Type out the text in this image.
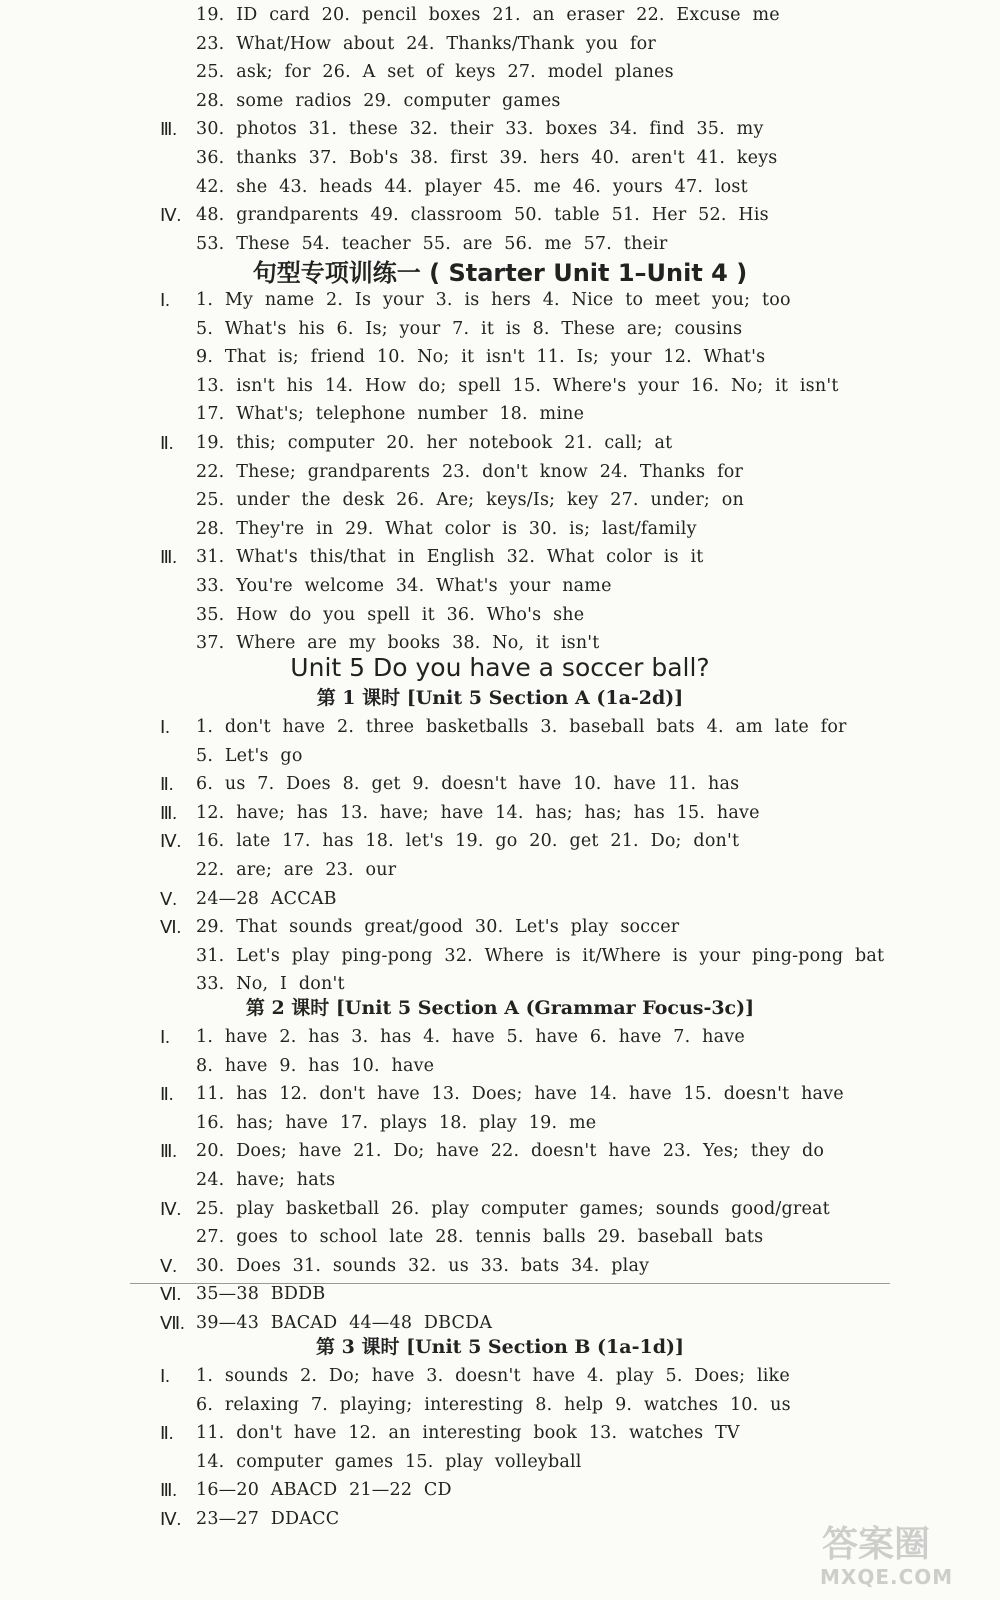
19. ID card 20. pencil boxes 21. an eraser 22. Excuse me
23. What/How about 24. Thanks/Thank you for
25. ask; for 26. A set of keys 27. model planes
28. some radios 29. computer games
Ⅲ.	30. photos 31. these 32. their 33. boxes 34. find 35. my
36. thanks 37. Bob's 38. first 39. hers 40. aren't 41. keys
42. she 43. heads 44. player 45. me 46. yours 47. lost
Ⅳ. 48. grandparents 49. classroom 50. table 51. Her 52. His
53. These 54. teacher 55. are 56. me 57. their
句型专项训练一 ( Starter Unit 1–Unit 4 )
Ⅰ.	1. My name 2. Is your 3. is hers 4. Nice to meet you; too
5. What's his 6. Is; your 7. it is 8. These are; cousins
9. That is; friend 10. No; it isn't 11. Is; your 12. What's
13. isn't his 14. How do; spell 15. Where's your 16. No; it isn't
17. What's; telephone number 18. mine
Ⅱ.	19. this; computer 20. her notebook 21. call; at
22. These; grandparents 23. don't know 24. Thanks for
25. under the desk 26. Are; keys/Is; key 27. under; on
28. They're in 29. What color is 30. is; last/family
Ⅲ.	31. What's this/that in English 32. What color is it
33. You're welcome 34. What's your name
35. How do you spell it 36. Who's she
37. Where are my books 38. No, it isn't
Unit 5 Do you have a soccer ball?
第 1 课时 [Unit 5 Section A (1a-2d)]
Ⅰ.	1. don't have 2. three basketballs 3. baseball bats 4. am late for
5. Let's go
Ⅱ.	6. us 7. Does 8. get 9. doesn't have 10. have 11. has
Ⅲ.	12. have; has 13. have; have 14. has; has; has 15. have
Ⅳ. 16. late 17. has 18. let's 19. go 20. get 21. Do; don't
22. are; are 23. our
Ⅴ.	24—28 ACCAB
Ⅵ. 29. That sounds great/good 30. Let's play soccer
31. Let's play ping-pong 32. Where is it/Where is your ping-pong bat
33. No, I don't
第 2 课时 [Unit 5 Section A (Grammar Focus-3c)]
Ⅰ.	1. have 2. has 3. has 4. have 5. have 6. have 7. have
8. have 9. has 10. have
Ⅱ.	11. has 12. don't have 13. Does; have 14. have 15. doesn't have
16. has; have 17. plays 18. play 19. me
Ⅲ.	20. Does; have 21. Do; have 22. doesn't have 23. Yes; they do
24. have; hats
Ⅳ. 25. play basketball 26. play computer games; sounds good/great
27. goes to school late 28. tennis balls 29. baseball bats
Ⅴ.	30. Does 31. sounds 32. us 33. bats 34. play
Ⅵ. 35—38 BDDB
Ⅶ. 39—43 BACAD 44—48 DBCDA
第 3 课时 [Unit 5 Section B (1a-1d)]
Ⅰ.	1. sounds 2. Do; have 3. doesn't have 4. play 5. Does; like
6. relaxing 7. playing; interesting 8. help 9. watches 10. us
Ⅱ.	11. don't have 12. an interesting book 13. watches TV
14. computer games 15. play volleyball
Ⅲ.	16—20 ABACD 21—22 CD
Ⅳ. 23—27 DDACC
答案圈
MXQE.COM
